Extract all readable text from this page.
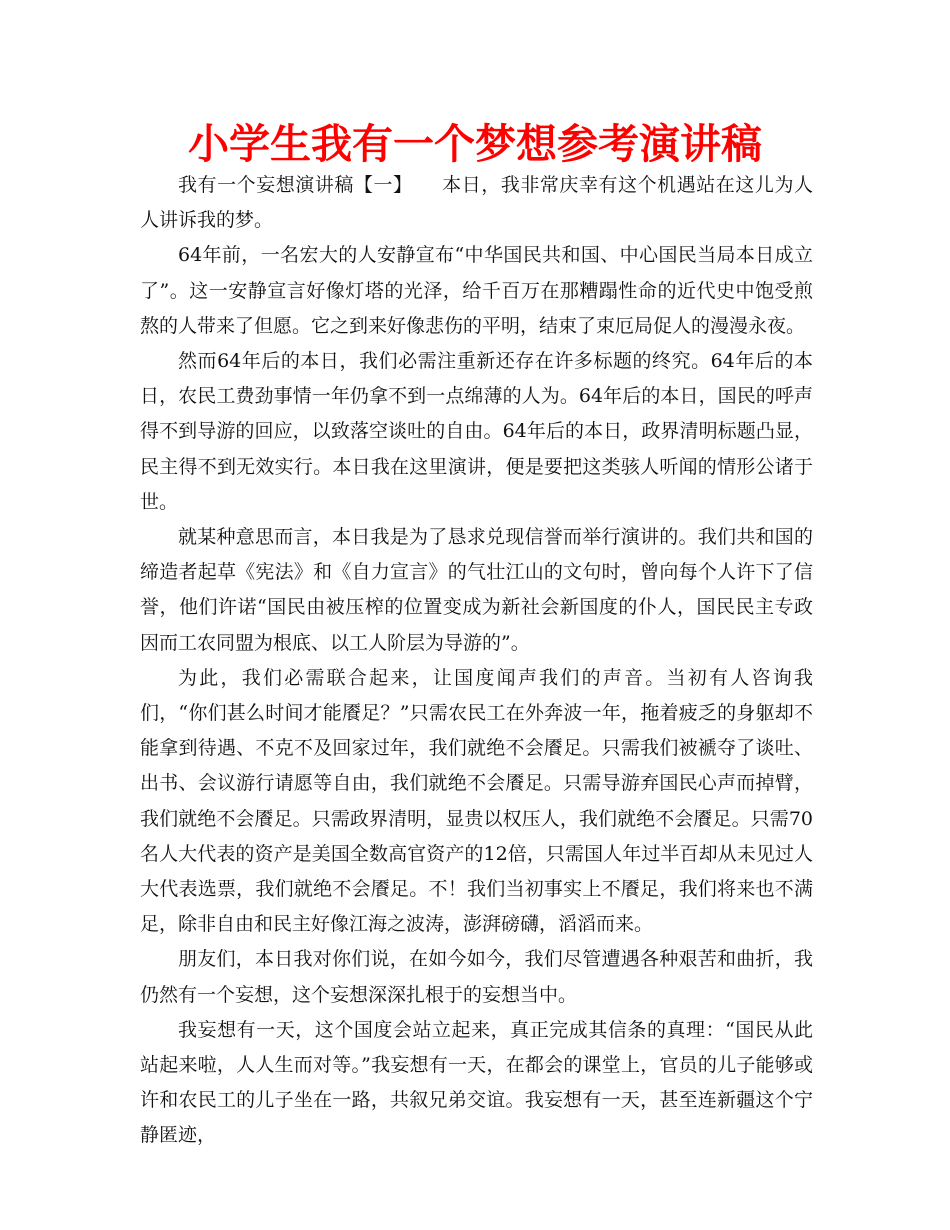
小学生我有一个梦想参考演讲稿

我有一个妄想演讲稿【一】　　本日，我非常庆幸有这个机遇站在这儿为人人讲诉我的梦。

64年前，一名宏大的人安静宣布“中华国民共和国、中心国民当局本日成立了”。这一安静宣言好像灯塔的光泽，给千百万在那糟蹋性命的近代史中饱受煎熬的人带来了但愿。它之到来好像悲伤的平明，结束了束厄局促人的漫漫永夜。

然而64年后的本日，我们必需注重新还存在许多标题的终究。64年后的本日，农民工费劲事情一年仍拿不到一点绵薄的人为。64年后的本日，国民的呼声得不到导游的回应，以致落空谈吐的自由。64年后的本日，政界清明标题凸显，民主得不到无效实行。本日我在这里演讲，便是要把这类骇人听闻的情形公诸于世。

就某种意思而言，本日我是为了恳求兑现信誉而举行演讲的。我们共和国的缔造者起草《宪法》和《自力宣言》的气壮江山的文句时，曾向每个人许下了信誉，他们许诺“国民由被压榨的位置变成为新社会新国度的仆人，国民民主专政因而工农同盟为根底、以工人阶层为导游的”。

为此，我们必需联合起来，让国度闻声我们的声音。当初有人咨询我们，“你们甚么时间才能餍足？”只需农民工在外奔波一年，拖着疲乏的身躯却不能拿到待遇、不克不及回家过年，我们就绝不会餍足。只需我们被褫夺了谈吐、出书、会议游行请愿等自由，我们就绝不会餍足。只需导游弃国民心声而掉臂，我们就绝不会餍足。只需政界清明，显贵以权压人，我们就绝不会餍足。只需70名人大代表的资产是美国全数高官资产的12倍，只需国人年过半百却从未见过人大代表选票，我们就绝不会餍足。不！我们当初事实上不餍足，我们将来也不满足，除非自由和民主好像江海之波涛，澎湃磅礴，滔滔而来。

朋友们，本日我对你们说，在如今如今，我们尽管遭遇各种艰苦和曲折，我仍然有一个妄想，这个妄想深深扎根于的妄想当中。

我妄想有一天，这个国度会站立起来，真正完成其信条的真理：“国民从此站起来啦，人人生而对等。”我妄想有一天，在都会的课堂上，官员的儿子能够或许和农民工的儿子坐在一路，共叙兄弟交谊。我妄想有一天，甚至连新疆这个宁静匿迹，
